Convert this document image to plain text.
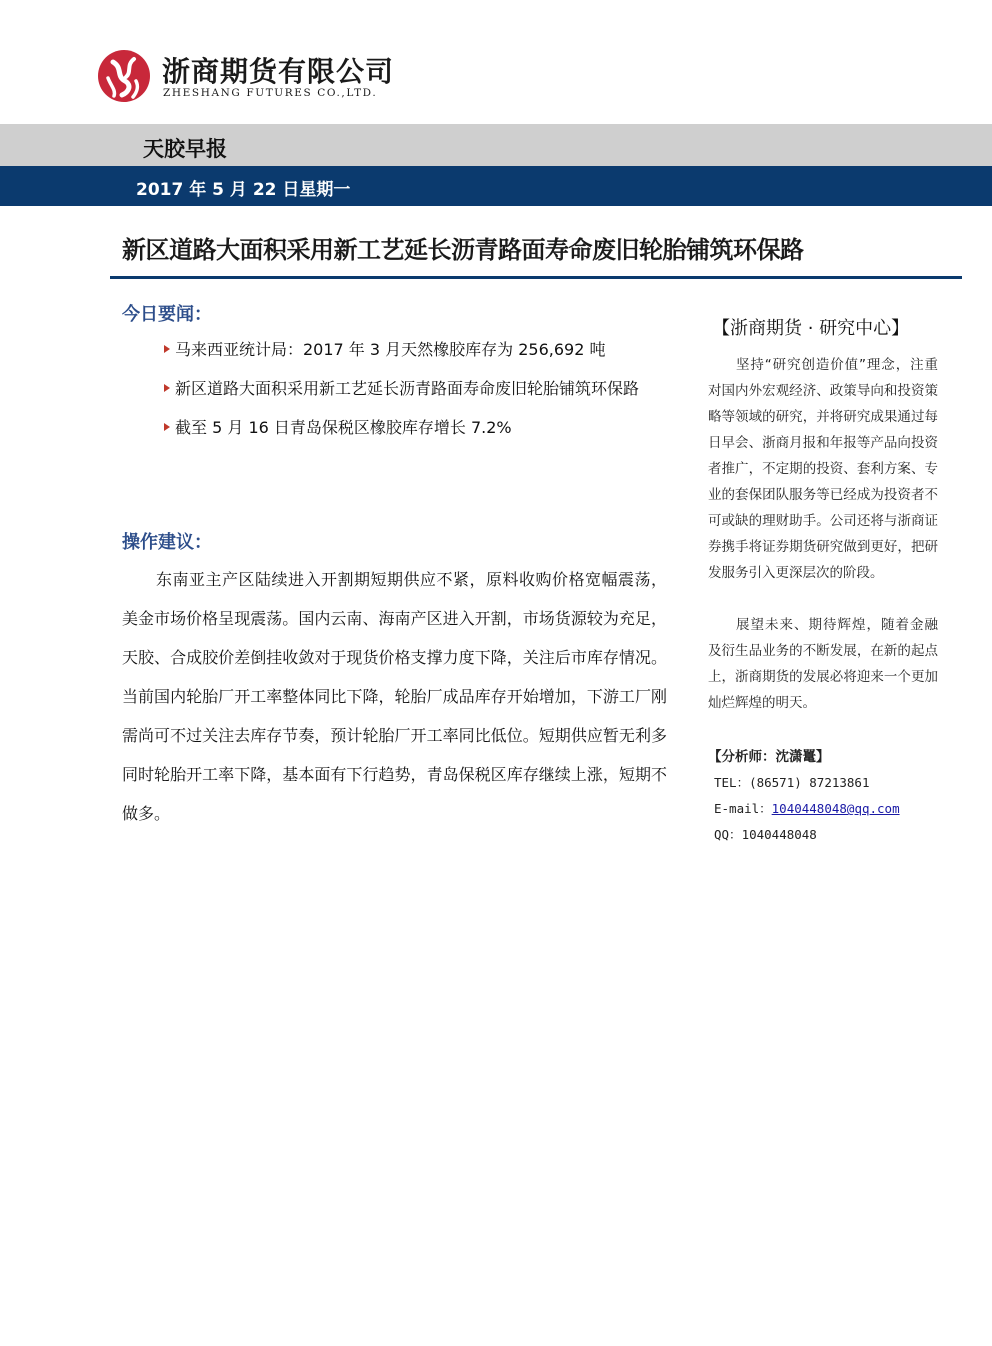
浙商期货有限公司
ZHESHANG FUTURES CO.,LTD.
天胶早报
2017 年 5 月 22 日星期一
新区道路大面积采用新工艺延长沥青路面寿命废旧轮胎铺筑环保路
今日要闻：
马来西亚统计局：2017 年 3 月天然橡胶库存为 256,692 吨
新区道路大面积采用新工艺延长沥青路面寿命废旧轮胎铺筑环保路
截至 5 月 16 日青岛保税区橡胶库存增长 7.2%
操作建议：

东南亚主产区陆续进入开割期短期供应不紧，原料收购价格宽幅震荡，美金市场价格呈现震荡。国内云南、海南产区进入开割，市场货源较为充足，天胶、合成胶价差倒挂收敛对于现货价格支撑力度下降，关注后市库存情况。当前国内轮胎厂开工率整体同比下降，轮胎厂成品库存开始增加，下游工厂刚需尚可不过关注去库存节奏，预计轮胎厂开工率同比低位。短期供应暂无利多同时轮胎开工率下降，基本面有下行趋势，青岛保税区库存继续上涨，短期不做多。

【浙商期货 · 研究中心】

坚持“研究创造价值”理念，注重对国内外宏观经济、政策导向和投资策略等领域的研究，并将研究成果通过每日早会、浙商月报和年报等产品向投资者推广，不定期的投资、套利方案、专业的套保团队服务等已经成为投资者不可或缺的理财助手。公司还将与浙商证券携手将证券期货研究做到更好，把研发服务引入更深层次的阶段。

展望未来、期待辉煌，随着金融及衍生品业务的不断发展，在新的起点上，浙商期货的发展必将迎来一个更加灿烂辉煌的明天。

【分析师：沈潇鼍】
TEL：(86571) 87213861
E-mail：1040448048@qq.com
QQ：1040448048
